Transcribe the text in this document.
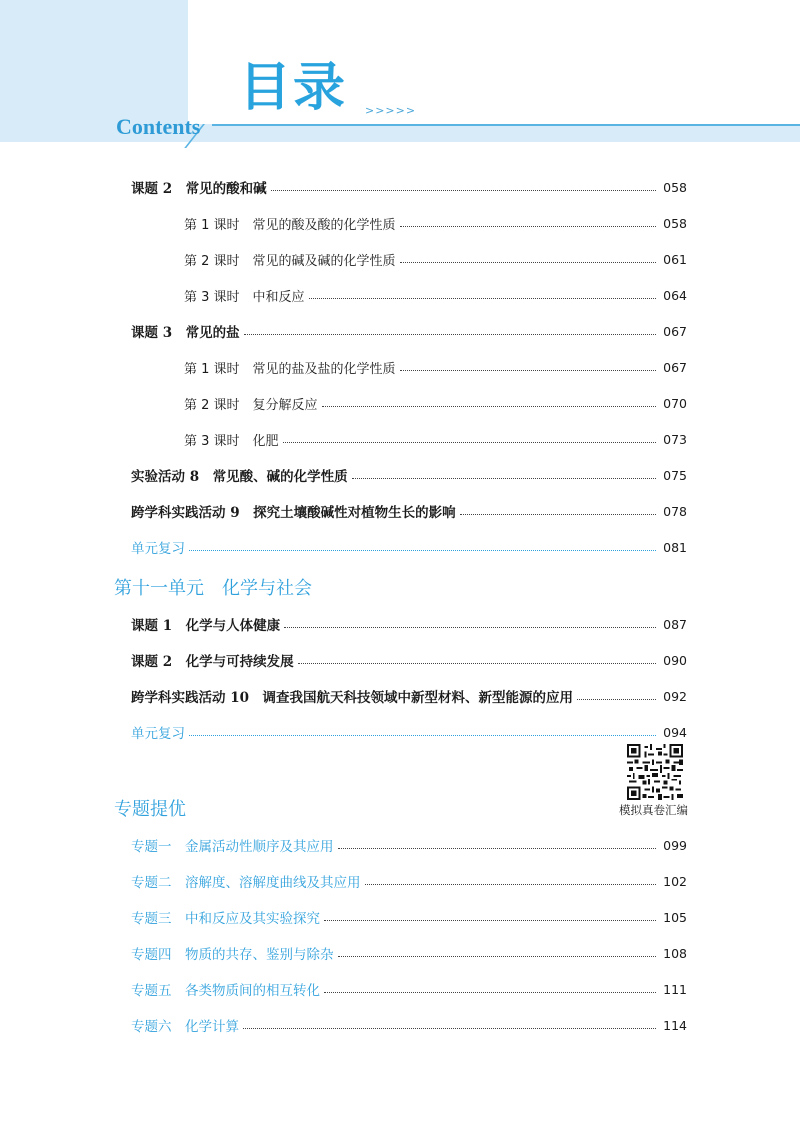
目录 >>>>>
Contents
课题 2　常见的酸和碱	058
第 1 课时　常见的酸及酸的化学性质	058
第 2 课时　常见的碱及碱的化学性质	061
第 3 课时　中和反应	064
课题 3　常见的盐	067
第 1 课时　常见的盐及盐的化学性质	067
第 2 课时　复分解反应	070
第 3 课时　化肥	073
实验活动 8　常见酸、碱的化学性质	075
跨学科实践活动 9　探究土壤酸碱性对植物生长的影响	078
单元复习	081
第十一单元　化学与社会
课题 1　化学与人体健康	087
课题 2　化学与可持续发展	090
跨学科实践活动 10　调查我国航天科技领域中新型材料、新型能源的应用	092
单元复习	094
模拟真卷汇编
专题提优
专题一　金属活动性顺序及其应用	099
专题二　溶解度、溶解度曲线及其应用	102
专题三　中和反应及其实验探究	105
专题四　物质的共存、鉴别与除杂	108
专题五　各类物质间的相互转化	111
专题六　化学计算	114
